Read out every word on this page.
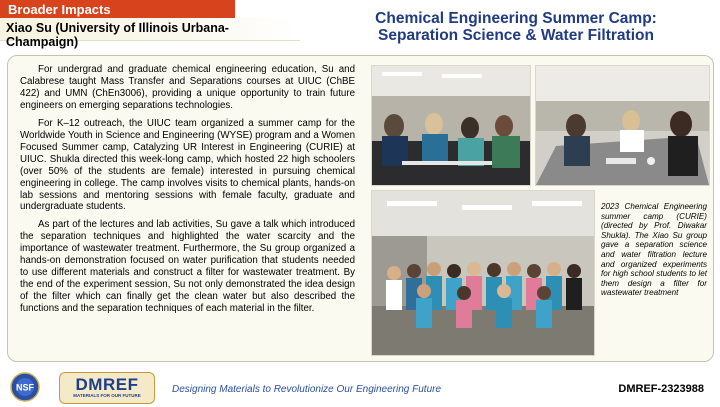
Broader Impacts
Xiao Su (University of Illinois Urbana-Champaign)
Chemical Engineering Summer Camp:
Separation Science & Water Filtration

For undergrad and graduate chemical engineering education, Su and Calabrese taught Mass Transfer and Separations courses at UIUC (ChBE 422) and UMN (ChEn3006), providing a unique opportunity to train future engineers on emerging separations technologies.

For K–12 outreach, the UIUC team organized a summer camp for the Worldwide Youth in Science and Engineering (WYSE) program and a Women Focused Summer camp, Catalyzing UR Interest in Engineering (CURIE) at UIUC. Shukla directed this week-long camp, which hosted 22 high schoolers (over 50% of the students are female) interested in pursuing chemical engineering in college. The camp involves visits to chemical plants, hands-on lab sessions and mentoring sessions with female faculty, graduate and undergraduate students.

As part of the lectures and lab activities, Su gave a talk which introduced the separation techniques and highlighted the water scarcity and the importance of wastewater treatment. Furthermore, the Su group organized a hands-on demonstration focused on water purification that students needed to use different materials and construct a filter for wastewater treatment. By the end of the experiment session, Su not only demonstrated the idea design of the filter which can finally get the clean water but also described the functions and the separation techniques of each material in the filter.

2023 Chemical Engineering summer camp (CURIE) (directed by Prof. Diwakar Shukla). The Xiao Su group gave a separation science and water filtration lecture and organized experiments for high school students to let them design a filter for wastewater treatment
NSF	DMREF
MATERIALS FOR OUR FUTURE
Designing Materials to Revolutionize Our Engineering Future	DMREF-2323988
